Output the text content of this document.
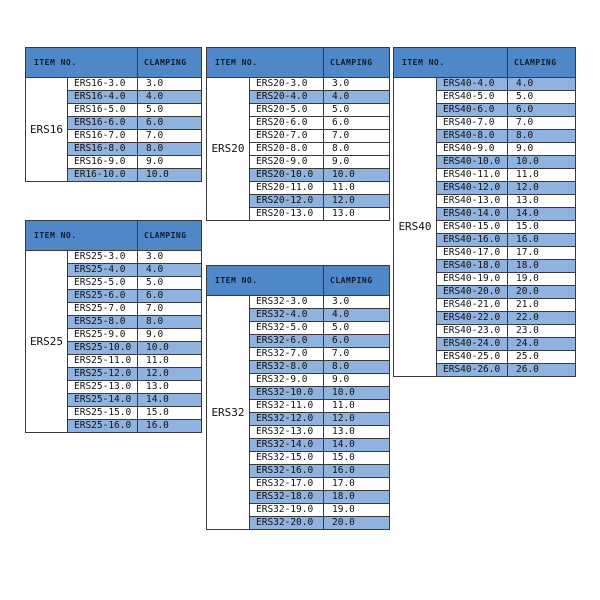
ITEM NO.		CLAMPING
ERS16	ERS16-3.0	3.0
	ERS16-4.0	4.0
	ERS16-5.0	5.0
	ERS16-6.0	6.0
	ERS16-7.0	7.0
	ERS16-8.0	8.0
	ERS16-9.0	9.0
	ER16-10.0	10.0
ITEM NO.		CLAMPING
ERS25	ERS25-3.0	3.0
	ERS25-4.0	4.0
	ERS25-5.0	5.0
	ERS25-6.0	6.0
	ERS25-7.0	7.0
	ERS25-8.0	8.0
	ERS25-9.0	9.0
	ERS25-10.0	10.0
	ERS25-11.0	11.0
	ERS25-12.0	12.0
	ERS25-13.0	13.0
	ERS25-14.0	14.0
	ERS25-15.0	15.0
	ERS25-16.0	16.0
ITEM NO.		CLAMPING
ERS20	ERS20-3.0	3.0
	ERS20-4.0	4.0
	ERS20-5.0	5.0
	ERS20-6.0	6.0
	ERS20-7.0	7.0
	ERS20-8.0	8.0
	ERS20-9.0	9.0
	ERS20-10.0	10.0
	ERS20-11.0	11.0
	ERS20-12.0	12.0
	ERS20-13.0	13.0
ITEM NO.		CLAMPING
ERS32	ERS32-3.0	3.0
	ERS32-4.0	4.0
	ERS32-5.0	5.0
	ERS32-6.0	6.0
	ERS32-7.0	7.0
	ERS32-8.0	8.0
	ERS32-9.0	9.0
	ERS32-10.0	10.0
	ERS32-11.0	11.0
	ERS32-12.0	12.0
	ERS32-13.0	13.0
	ERS32-14.0	14.0
	ERS32-15.0	15.0
	ERS32-16.0	16.0
	ERS32-17.0	17.0
	ERS32-18.0	18.0
	ERS32-19.0	19.0
	ERS32-20.0	20.0
ITEM NO.		CLAMPING
ERS40	ERS40-4.0	4.0
	ERS40-5.0	5.0
	ERS40-6.0	6.0
	ERS40-7.0	7.0
	ERS40-8.0	8.0
	ERS40-9.0	9.0
	ERS40-10.0	10.0
	ERS40-11.0	11.0
	ERS40-12.0	12.0
	ERS40-13.0	13.0
	ERS40-14.0	14.0
	ERS40-15.0	15.0
	ERS40-16.0	16.0
	ERS40-17.0	17.0
	ERS40-18.0	18.0
	ERS40-19.0	19.0
	ERS40-20.0	20.0
	ERS40-21.0	21.0
	ERS40-22.0	22.0
	ERS40-23.0	23.0
	ERS40-24.0	24.0
	ERS40-25.0	25.0
	ERS40-26.0	26.0
